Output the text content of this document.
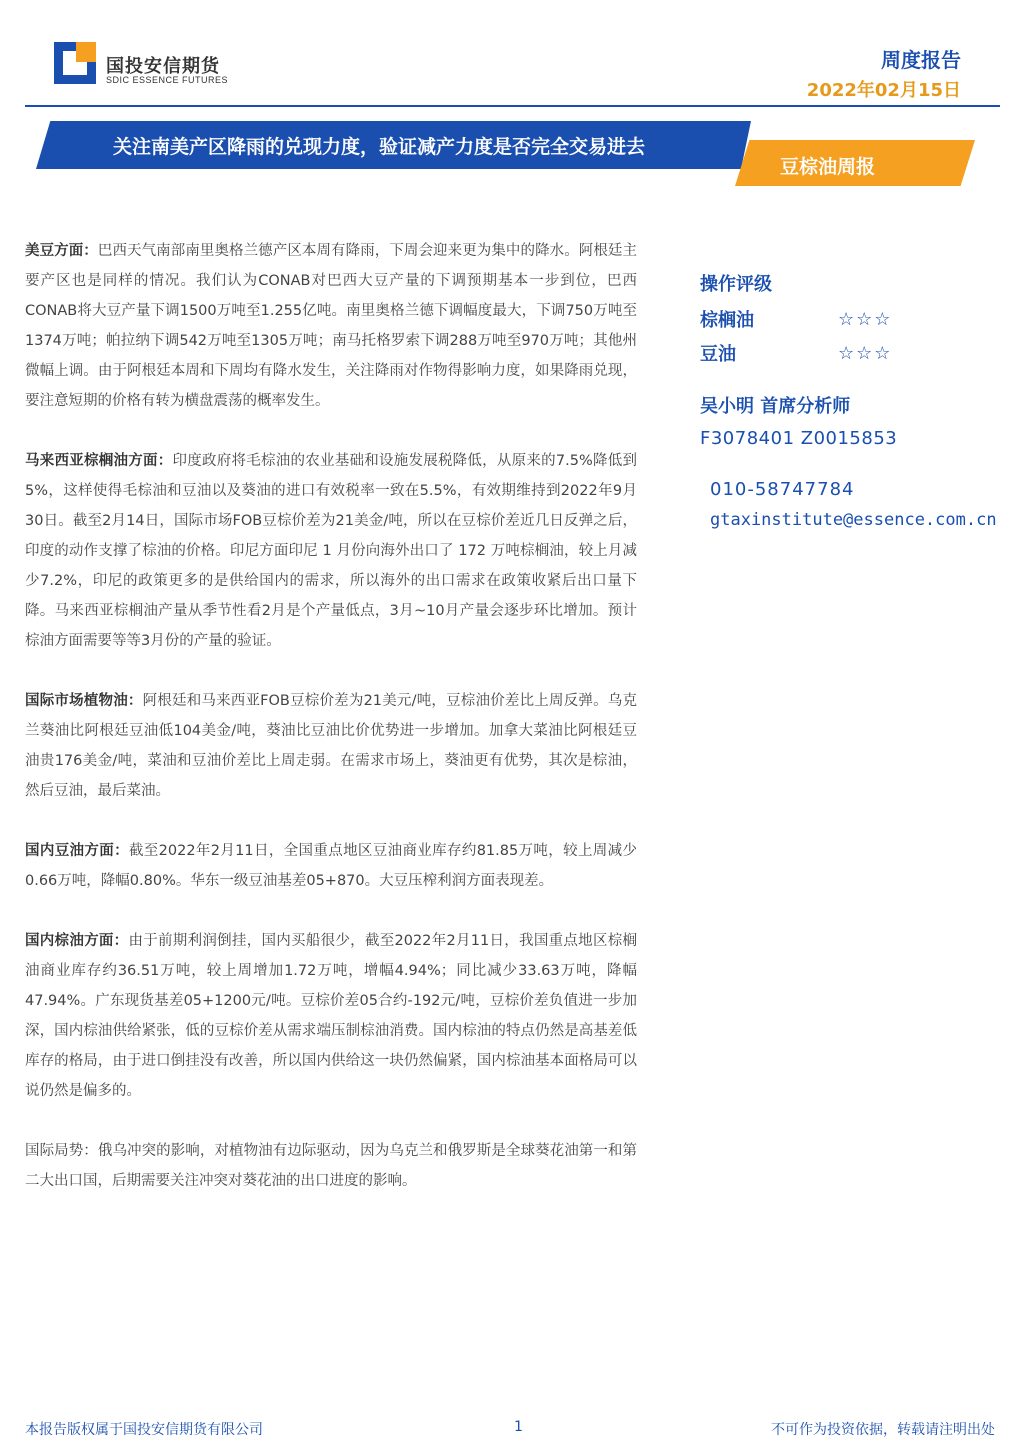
国投安信期货
SDIC ESSENCE FUTURES
周度报告
2022年02月15日
关注南美产区降雨的兑现力度，验证减产力度是否完全交易进去
豆棕油周报

美豆方面：巴西天气南部南里奥格兰德产区本周有降雨，下周会迎来更为集中的降水。阿根廷主要产区也是同样的情况。我们认为CONAB对巴西大豆产量的下调预期基本一步到位，巴西CONAB将大豆产量下调1500万吨至1.255亿吨。南里奥格兰德下调幅度最大，下调750万吨至1374万吨；帕拉纳下调542万吨至1305万吨；南马托格罗索下调288万吨至970万吨；其他州微幅上调。由于阿根廷本周和下周均有降水发生，关注降雨对作物得影响力度，如果降雨兑现，要注意短期的价格有转为横盘震荡的概率发生。

马来西亚棕榈油方面：印度政府将毛棕油的农业基础和设施发展税降低，从原来的7.5%降低到5%，这样使得毛棕油和豆油以及葵油的进口有效税率一致在5.5%，有效期维持到2022年9月30日。截至2月14日，国际市场FOB豆棕价差为21美金/吨，所以在豆棕价差近几日反弹之后，印度的动作支撑了棕油的价格。印尼方面印尼 1 月份向海外出口了 172 万吨棕榈油，较上月减少7.2%，印尼的政策更多的是供给国内的需求，所以海外的出口需求在政策收紧后出口量下降。马来西亚棕榈油产量从季节性看2月是个产量低点，3月~10月产量会逐步环比增加。预计棕油方面需要等等3月份的产量的验证。

国际市场植物油：阿根廷和马来西亚FOB豆棕价差为21美元/吨，豆棕油价差比上周反弹。乌克兰葵油比阿根廷豆油低104美金/吨，葵油比豆油比价优势进一步增加。加拿大菜油比阿根廷豆油贵176美金/吨，菜油和豆油价差比上周走弱。在需求市场上，葵油更有优势，其次是棕油，然后豆油，最后菜油。

国内豆油方面：截至2022年2月11日，全国重点地区豆油商业库存约81.85万吨，较上周减少0.66万吨，降幅0.80%。华东一级豆油基差05+870。大豆压榨利润方面表现差。

国内棕油方面：由于前期利润倒挂，国内买船很少，截至2022年2月11日，我国重点地区棕榈油商业库存约36.51万吨，较上周增加1.72万吨，增幅4.94%；同比减少33.63万吨，降幅47.94%。广东现货基差05+1200元/吨。豆棕价差05合约-192元/吨，豆棕价差负值进一步加深，国内棕油供给紧张，低的豆棕价差从需求端压制棕油消费。国内棕油的特点仍然是高基差低库存的格局，由于进口倒挂没有改善，所以国内供给这一块仍然偏紧，国内棕油基本面格局可以说仍然是偏多的。

国际局势：俄乌冲突的影响，对植物油有边际驱动，因为乌克兰和俄罗斯是全球葵花油第一和第二大出口国，后期需要关注冲突对葵花油的出口进度的影响。

操作评级
棕榈油	☆☆☆
豆油	☆☆☆
吴小明 首席分析师
F3078401 Z0015853
010-58747784
gtaxinstitute@essence.com.cn
本报告版权属于国投安信期货有限公司	1	不可作为投资依据，转载请注明出处
